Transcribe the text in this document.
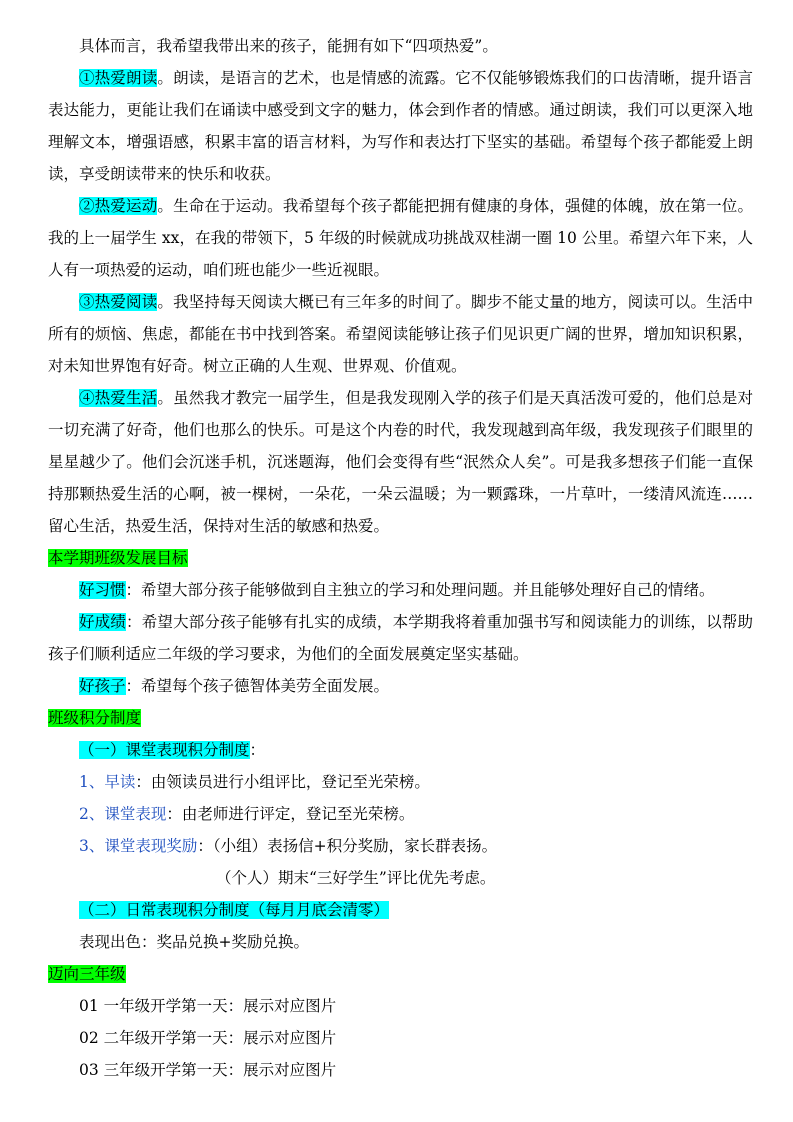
具体而言，我希望我带出来的孩子，能拥有如下“四项热爱”。

①热爱朗读。朗读，是语言的艺术，也是情感的流露。它不仅能够锻炼我们的口齿清晰，提升语言表达能力，更能让我们在诵读中感受到文字的魅力，体会到作者的情感。通过朗读，我们可以更深入地理解文本，增强语感，积累丰富的语言材料，为写作和表达打下坚实的基础。希望每个孩子都能爱上朗读，享受朗读带来的快乐和收获。

②热爱运动。生命在于运动。我希望每个孩子都能把拥有健康的身体，强健的体魄，放在第一位。我的上一届学生 xx，在我的带领下，5 年级的时候就成功挑战双桂湖一圈 10 公里。希望六年下来，人人有一项热爱的运动，咱们班也能少一些近视眼。

③热爱阅读。我坚持每天阅读大概已有三年多的时间了。脚步不能丈量的地方，阅读可以。生活中所有的烦恼、焦虑，都能在书中找到答案。希望阅读能够让孩子们见识更广阔的世界，增加知识积累，对未知世界饱有好奇。树立正确的人生观、世界观、价值观。

④热爱生活。虽然我才教完一届学生，但是我发现刚入学的孩子们是天真活泼可爱的，他们总是对一切充满了好奇，他们也那么的快乐。可是这个内卷的时代，我发现越到高年级，我发现孩子们眼里的星星越少了。他们会沉迷手机，沉迷题海，他们会变得有些“泯然众人矣”。可是我多想孩子们能一直保持那颗热爱生活的心啊，被一棵树，一朵花，一朵云温暖；为一颗露珠，一片草叶，一缕清风流连……留心生活，热爱生活，保持对生活的敏感和热爱。

本学期班级发展目标

好习惯：希望大部分孩子能够做到自主独立的学习和处理问题。并且能够处理好自己的情绪。

好成绩：希望大部分孩子能够有扎实的成绩，本学期我将着重加强书写和阅读能力的训练，以帮助孩子们顺利适应二年级的学习要求，为他们的全面发展奠定坚实基础。

好孩子：希望每个孩子德智体美劳全面发展。

班级积分制度

（一）课堂表现积分制度：

1、早读：由领读员进行小组评比，登记至光荣榜。

2、课堂表现：由老师进行评定，登记至光荣榜。

3、课堂表现奖励：（小组）表扬信+积分奖励，家长群表扬。

（个人）期末“三好学生”评比优先考虑。

（二）日常表现积分制度（每月月底会清零）

表现出色：奖品兑换+奖励兑换。

迈向三年级

01 一年级开学第一天：展示对应图片

02 二年级开学第一天：展示对应图片

03 三年级开学第一天：展示对应图片
